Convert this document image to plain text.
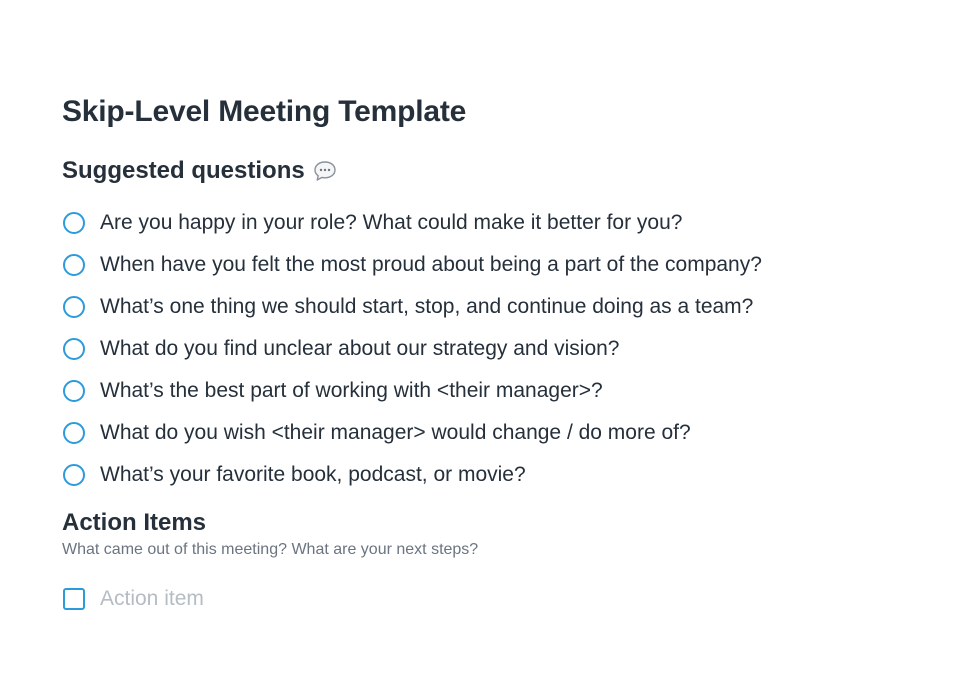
Skip-Level Meeting Template
Suggested questions
Are you happy in your role? What could make it better for you?
When have you felt the most proud about being a part of the company?
What’s one thing we should start, stop, and continue doing as a team?
What do you find unclear about our strategy and vision?
What’s the best part of working with <their manager>?
What do you wish <their manager> would change / do more of?
What’s your favorite book, podcast, or movie?
Action Items
What came out of this meeting? What are your next steps?
Action item
